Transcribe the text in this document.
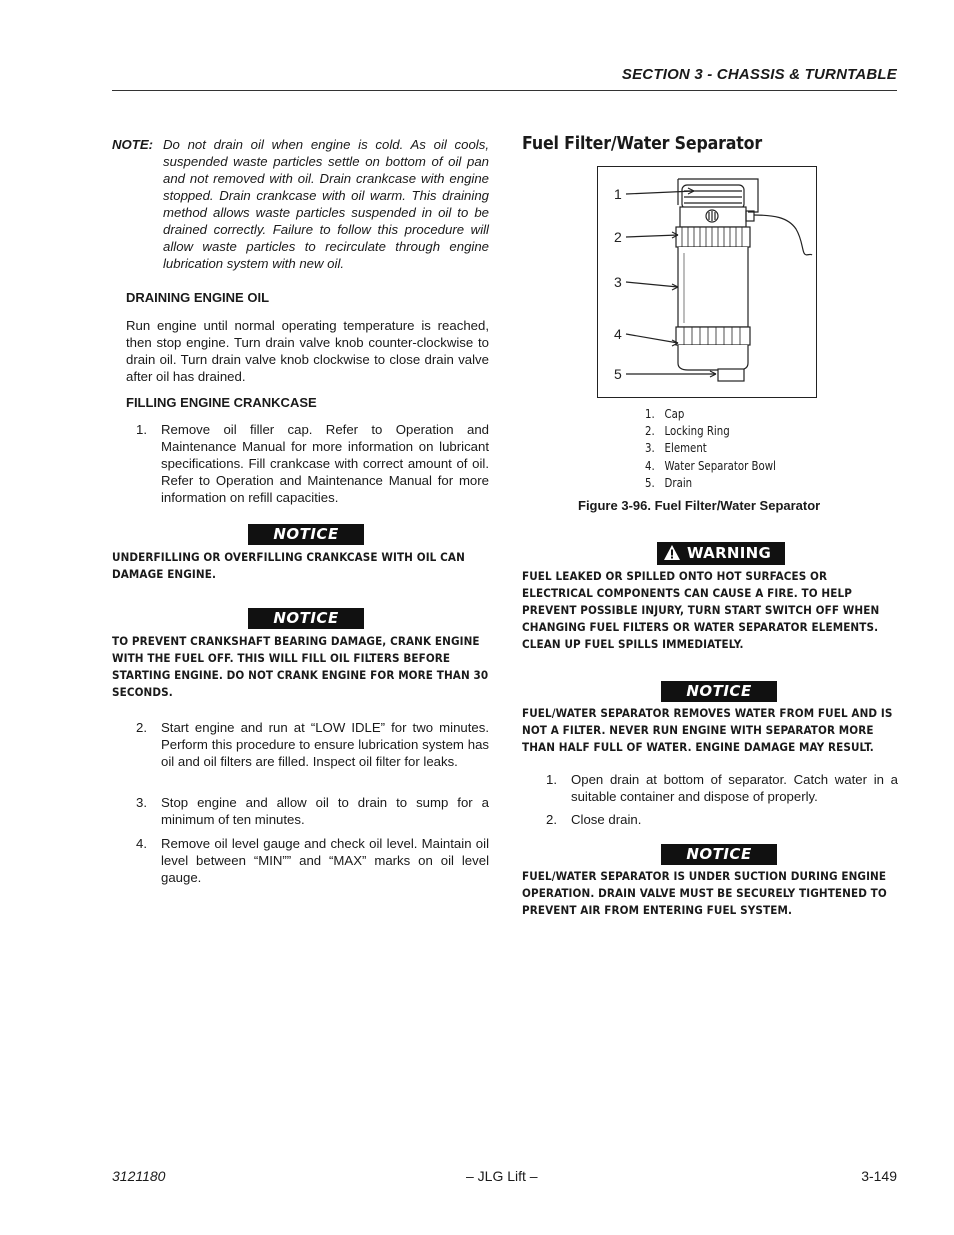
SECTION 3 - CHASSIS & TURNTABLE
NOTE: Do not drain oil when engine is cold. As oil cools, suspended waste particles settle on bottom of oil pan and not removed with oil. Drain crankcase with engine stopped. Drain crankcase with oil warm. This draining method allows waste particles suspended in oil to be drained correctly. Failure to follow this procedure will allow waste particles to recirculate through engine lubrication system with new oil.
DRAINING ENGINE OIL
Run engine until normal operating temperature is reached, then stop engine. Turn drain valve knob counter-clockwise to drain oil. Turn drain valve knob clockwise to close drain valve after oil has drained.
FILLING ENGINE CRANKCASE
1. Remove oil filler cap. Refer to Operation and Maintenance Manual for more information on lubricant specifications. Fill crankcase with correct amount of oil. Refer to Operation and Maintenance Manual for more information on refill capacities.
NOTICE
UNDERFILLING OR OVERFILLING CRANKCASE WITH OIL CAN DAMAGE ENGINE.
NOTICE
TO PREVENT CRANKSHAFT BEARING DAMAGE, CRANK ENGINE WITH THE FUEL OFF. THIS WILL FILL OIL FILTERS BEFORE STARTING ENGINE. DO NOT CRANK ENGINE FOR MORE THAN 30 SECONDS.
2. Start engine and run at “LOW IDLE” for two minutes. Perform this procedure to ensure lubrication system has oil and oil filters are filled. Inspect oil filter for leaks.
3. Stop engine and allow oil to drain to sump for a minimum of ten minutes.
4. Remove oil level gauge and check oil level. Maintain oil level between “MIN”” and “MAX” marks on oil level gauge.
Fuel Filter/Water Separator
1
2
3
4
5
1. Cap
2. Locking Ring
3. Element
4. Water Separator Bowl
5. Drain
Figure 3-96. Fuel Filter/Water Separator
WARNING
FUEL LEAKED OR SPILLED ONTO HOT SURFACES OR ELECTRICAL COMPONENTS CAN CAUSE A FIRE. TO HELP PREVENT POSSIBLE INJURY, TURN START SWITCH OFF WHEN CHANGING FUEL FILTERS OR WATER SEPARATOR ELEMENTS. CLEAN UP FUEL SPILLS IMMEDIATELY.
NOTICE
FUEL/WATER SEPARATOR REMOVES WATER FROM FUEL AND IS NOT A FILTER. NEVER RUN ENGINE WITH SEPARATOR MORE THAN HALF FULL OF WATER. ENGINE DAMAGE MAY RESULT.
1. Open drain at bottom of separator. Catch water in a suitable container and dispose of properly.
2. Close drain.
NOTICE
FUEL/WATER SEPARATOR IS UNDER SUCTION DURING ENGINE OPERATION. DRAIN VALVE MUST BE SECURELY TIGHTENED TO PREVENT AIR FROM ENTERING FUEL SYSTEM.
3121180	– JLG Lift –	3-149
